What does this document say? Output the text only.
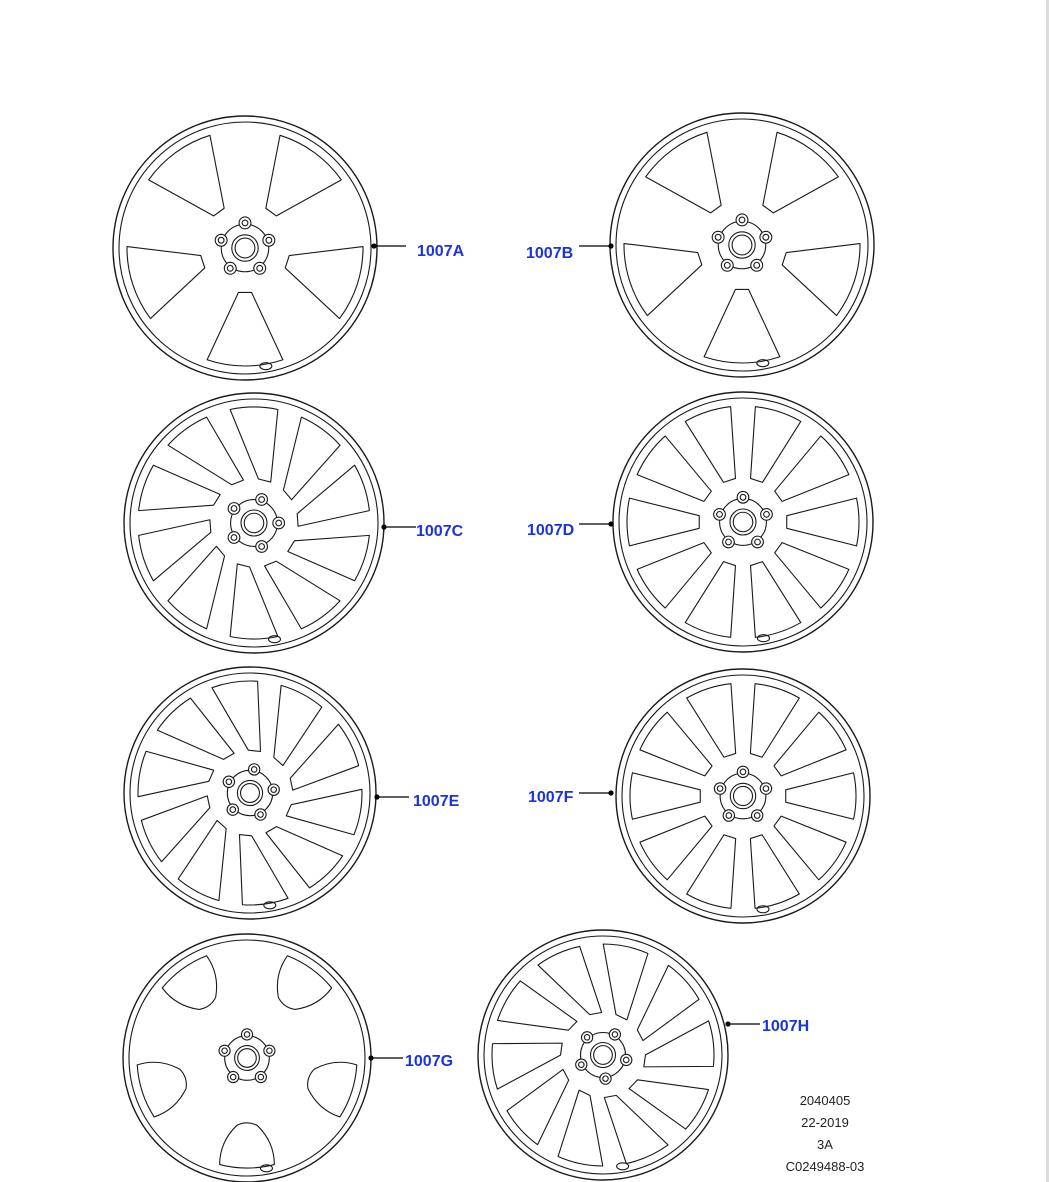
1007A	1007B
1007C	1007D
1007E	1007F
1007G
1007H
2040405
22-2019
3A
C0249488-03
